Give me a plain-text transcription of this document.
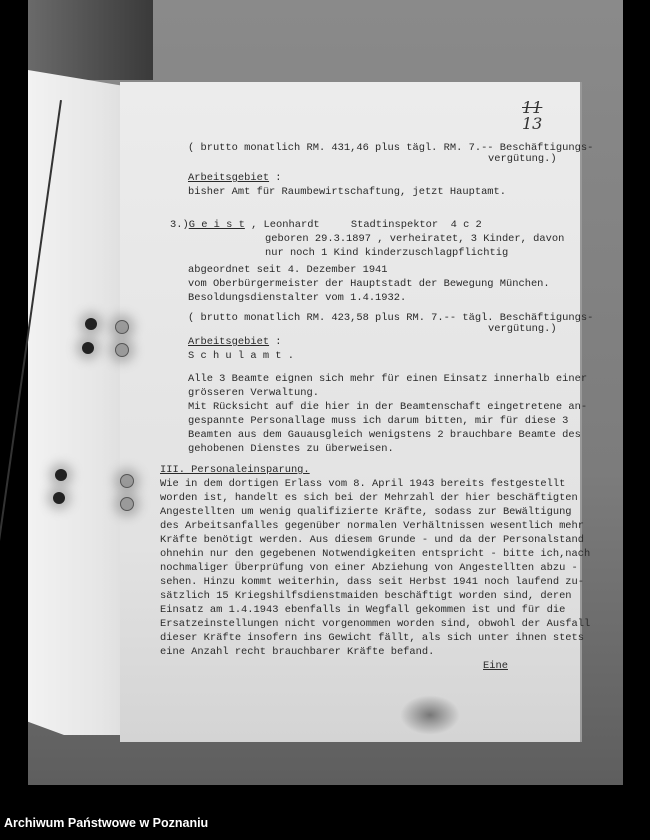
11
13
( brutto monatlich RM. 431,46 plus tägl. RM. 7.-- Beschäftigungs-
vergütung.)
Arbeitsgebiet :
bisher Amt für Raumbewirtschaftung, jetzt Hauptamt.
3.)G e i s t , Leonhardt     Stadtinspektor  4 c 2
geboren 29.3.1897 , verheiratet, 3 Kinder, davon
nur noch 1 Kind kinderzuschlagpflichtig
abgeordnet seit 4. Dezember 1941
vom Oberbürgermeister der Hauptstadt der Bewegung München.
Besoldungsdienstalter vom 1.4.1932.
( brutto monatlich RM. 423,58 plus RM. 7.-- tägl. Beschäftigungs-
vergütung.)
Arbeitsgebiet :
S c h u l a m t .
Alle 3 Beamte eignen sich mehr für einen Einsatz innerhalb einer
grösseren Verwaltung.
Mit Rücksicht auf die hier in der Beamtenschaft eingetretene an-
gespannte Personallage muss ich darum bitten, mir für diese 3
Beamten aus dem Gauausgleich wenigstens 2 brauchbare Beamte des
gehobenen Dienstes zu überweisen.
III. Personaleinsparung.
Wie in dem dortigen Erlass vom 8. April 1943 bereits festgestellt
worden ist, handelt es sich bei der Mehrzahl der hier beschäftigten
Angestellten um wenig qualifizierte Kräfte, sodass zur Bewältigung
des Arbeitsanfalles gegenüber normalen Verhältnissen wesentlich mehr
Kräfte benötigt werden. Aus diesem Grunde - und da der Personalstand
ohnehin nur den gegebenen Notwendigkeiten entspricht - bitte ich,nach
nochmaliger Überprüfung von einer Abziehung von Angestellten abzu -
sehen. Hinzu kommt weiterhin, dass seit Herbst 1941 noch laufend zu-
sätzlich 15 Kriegshilfsdienstmaiden beschäftigt worden sind, deren
Einsatz am 1.4.1943 ebenfalls in Wegfall gekommen ist und für die
Ersatzeinstellungen nicht vorgenommen worden sind, obwohl der Ausfall
dieser Kräfte insofern ins Gewicht fällt, als sich unter ihnen stets
eine Anzahl recht brauchbarer Kräfte befand.
Eine
Archiwum Państwowe w Poznaniu
